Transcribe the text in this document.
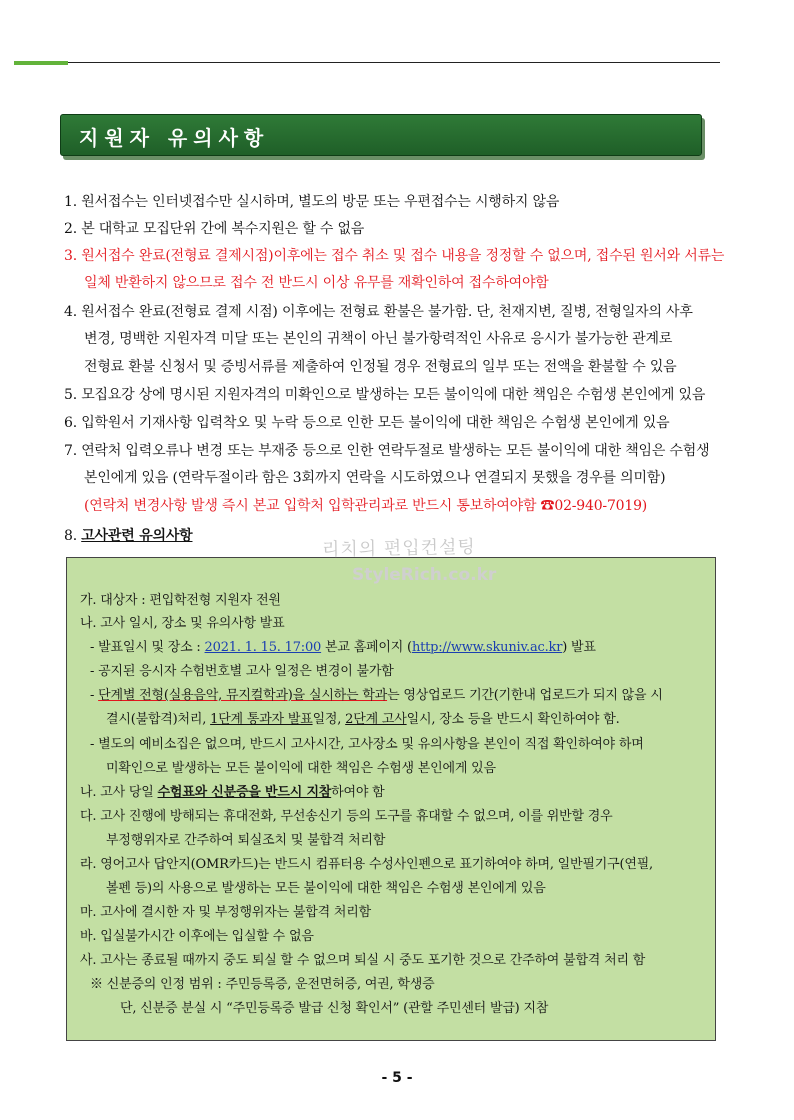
지원자 유의사항
1. 원서접수는 인터넷접수만 실시하며, 별도의 방문 또는 우편접수는 시행하지 않음
2. 본 대학교 모집단위 간에 복수지원은 할 수 없음
3. 원서접수 완료(전형료 결제시점)이후에는 접수 취소 및 접수 내용을 정정할 수 없으며, 접수된 원서와 서류는
일체 반환하지 않으므로 접수 전 반드시 이상 유무를 재확인하여 접수하여야함
4. 원서접수 완료(전형료 결제 시점) 이후에는 전형료 환불은 불가함. 단, 천재지변, 질병, 전형일자의 사후
변경, 명백한 지원자격 미달 또는 본인의 귀책이 아닌 불가항력적인 사유로 응시가 불가능한 관계로
전형료 환불 신청서 및 증빙서류를 제출하여 인정될 경우 전형료의 일부 또는 전액을 환불할 수 있음
5. 모집요강 상에 명시된 지원자격의 미확인으로 발생하는 모든 불이익에 대한 책임은 수험생 본인에게 있음
6. 입학원서 기재사항 입력착오 및 누락 등으로 인한 모든 불이익에 대한 책임은 수험생 본인에게 있음
7. 연락처 입력오류나 변경 또는 부재중 등으로 인한 연락두절로 발생하는 모든 불이익에 대한 책임은 수험생
본인에게 있음 (연락두절이라 함은 3회까지 연락을 시도하였으나 연결되지 못했을 경우를 의미함)
(연락처 변경사항 발생 즉시 본교 입학처 입학관리과로 반드시 통보하여야함 ☎02-940-7019)
8. 고사관련 유의사항
리치의 편입컨설팅
StyleRich.co.kr
가. 대상자 : 편입학전형 지원자 전원
나. 고사 일시, 장소 및 유의사항 발표
- 발표일시 및 장소 : 2021. 1. 15. 17:00 본교 홈페이지 (http://www.skuniv.ac.kr) 발표
- 공지된 응시자 수험번호별 고사 일정은 변경이 불가함
- 단계별 전형(실용음악, 뮤지컬학과)을 실시하는 학과는 영상업로드 기간(기한내 업로드가 되지 않을 시
결시(불합격)처리, 1단계 통과자 발표일정, 2단계 고사일시, 장소 등을 반드시 확인하여야 함.
- 별도의 예비소집은 없으며, 반드시 고사시간, 고사장소 및 유의사항을 본인이 직접 확인하여야 하며
미확인으로 발생하는 모든 불이익에 대한 책임은 수험생 본인에게 있음
나. 고사 당일 수험표와 신분증을 반드시 지참하여야 함
다. 고사 진행에 방해되는 휴대전화, 무선송신기 등의 도구를 휴대할 수 없으며, 이를 위반할 경우
부정행위자로 간주하여 퇴실조치 및 불합격 처리함
라. 영어고사 답안지(OMR카드)는 반드시 컴퓨터용 수성사인펜으로 표기하여야 하며, 일반필기구(연필,
볼펜 등)의 사용으로 발생하는 모든 불이익에 대한 책임은 수험생 본인에게 있음
마. 고사에 결시한 자 및 부정행위자는 불합격 처리함
바. 입실불가시간 이후에는 입실할 수 없음
사. 고사는 종료될 때까지 중도 퇴실 할 수 없으며 퇴실 시 중도 포기한 것으로 간주하여 불합격 처리 함
※ 신분증의 인정 범위 : 주민등록증, 운전면허증, 여권, 학생증
단, 신분증 분실 시 “주민등록증 발급 신청 확인서” (관할 주민센터 발급) 지참
- 5 -
